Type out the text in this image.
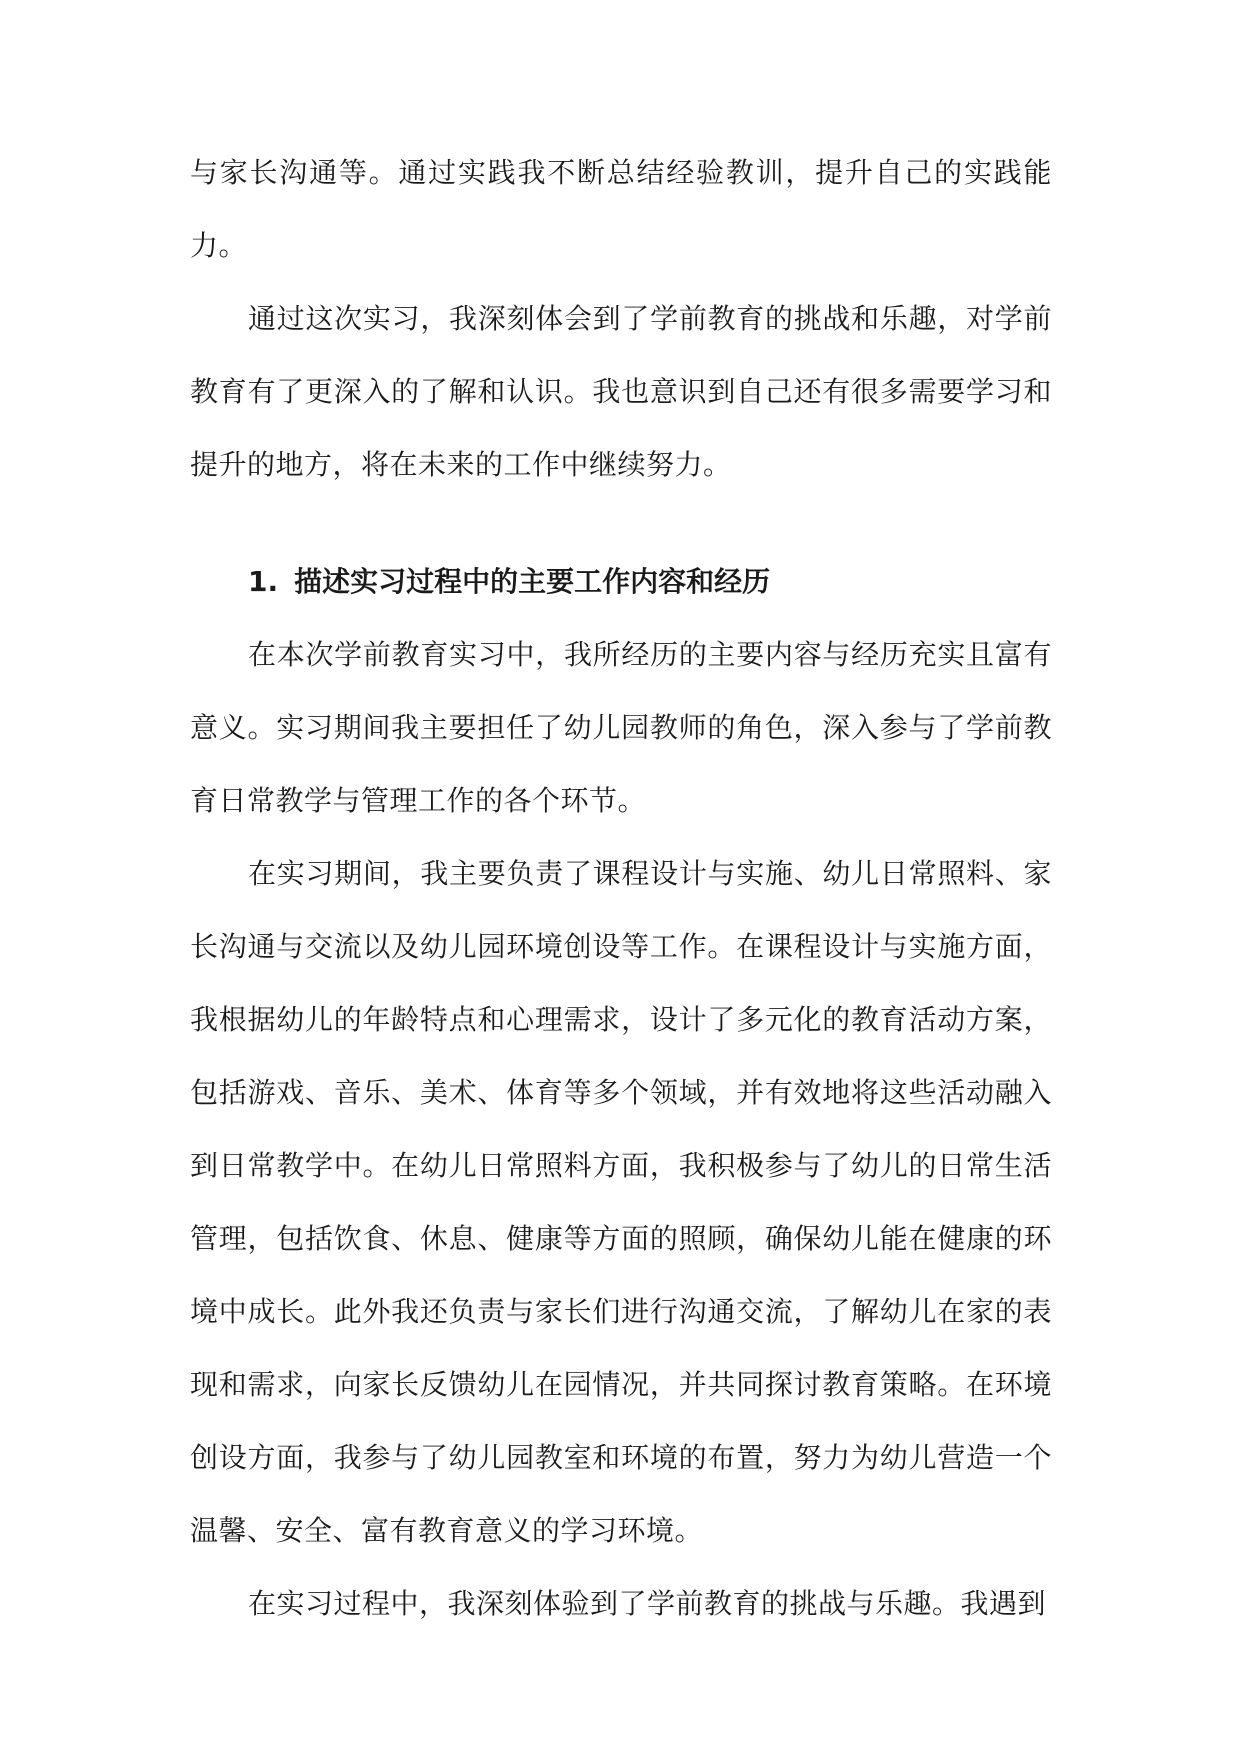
与家长沟通等。通过实践我不断总结经验教训，提升自己的实践能力。

通过这次实习，我深刻体会到了学前教育的挑战和乐趣，对学前教育有了更深入的了解和认识。我也意识到自己还有很多需要学习和提升的地方，将在未来的工作中继续努力。

1. 描述实习过程中的主要工作内容和经历

在本次学前教育实习中，我所经历的主要内容与经历充实且富有意义。实习期间我主要担任了幼儿园教师的角色，深入参与了学前教育日常教学与管理工作的各个环节。

在实习期间，我主要负责了课程设计与实施、幼儿日常照料、家长沟通与交流以及幼儿园环境创设等工作。在课程设计与实施方面，我根据幼儿的年龄特点和心理需求，设计了多元化的教育活动方案，包括游戏、音乐、美术、体育等多个领域，并有效地将这些活动融入到日常教学中。在幼儿日常照料方面，我积极参与了幼儿的日常生活管理，包括饮食、休息、健康等方面的照顾，确保幼儿能在健康的环境中成长。此外我还负责与家长们进行沟通交流，了解幼儿在家的表现和需求，向家长反馈幼儿在园情况，并共同探讨教育策略。在环境创设方面，我参与了幼儿园教室和环境的布置，努力为幼儿营造一个温馨、安全、富有教育意义的学习环境。

在实习过程中，我深刻体验到了学前教育的挑战与乐趣。我遇到
